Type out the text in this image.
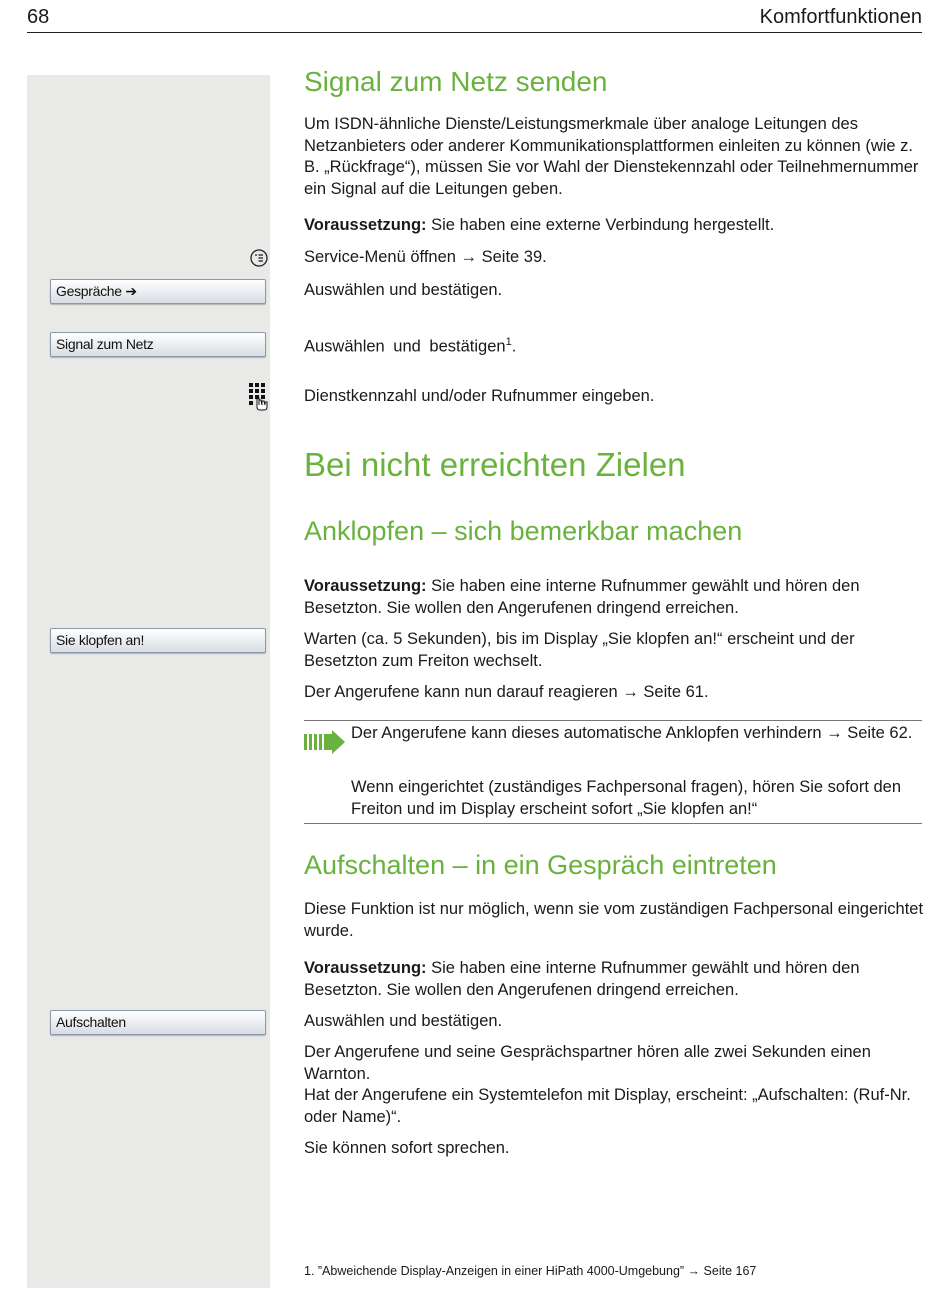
68	Komfortfunktionen
Signal zum Netz senden
Um ISDN-ähnliche Dienste/Leistungsmerkmale über analoge Leitungen des Netzanbieters oder anderer Kommunikationsplattformen einleiten zu können (wie z. B. „Rückfrage“), müssen Sie vor Wahl der Dienstekennzahl oder Teilnehmernummer ein Signal auf die Leitungen geben.
Voraussetzung: Sie haben eine externe Verbindung hergestellt.
Service-Menü öffnen → Seite 39.
Gespräche ➔	Auswählen und bestätigen.
Signal zum Netz	Auswählen und bestätigen$^1$.
Dienstkennzahl und/oder Rufnummer eingeben.
Bei nicht erreichten Zielen
Anklopfen – sich bemerkbar machen
Voraussetzung: Sie haben eine interne Rufnummer gewählt und hören den Besetzton. Sie wollen den Angerufenen dringend erreichen.
Sie klopfen an!	Warten (ca. 5 Sekunden), bis im Display „Sie klopfen an!“ erscheint und der Besetzton zum Freiton wechselt.
Der Angerufene kann nun darauf reagieren → Seite 61.
Der Angerufene kann dieses automatische Anklopfen verhindern → Seite 62.
Wenn eingerichtet (zuständiges Fachpersonal fragen), hören Sie sofort den Freiton und im Display erscheint sofort „Sie klopfen an!“
Aufschalten – in ein Gespräch eintreten
Diese Funktion ist nur möglich, wenn sie vom zuständigen Fachpersonal eingerichtet wurde.
Voraussetzung: Sie haben eine interne Rufnummer gewählt und hören den Besetzton. Sie wollen den Angerufenen dringend erreichen.
Aufschalten	Auswählen und bestätigen.
Der Angerufene und seine Gesprächspartner hören alle zwei Sekunden einen Warnton.
Hat der Angerufene ein Systemtelefon mit Display, erscheint: „Aufschalten: (Ruf-Nr. oder Name)“.
Sie können sofort sprechen.
1. ”Abweichende Display-Anzeigen in einer HiPath 4000-Umgebung” → Seite 167
